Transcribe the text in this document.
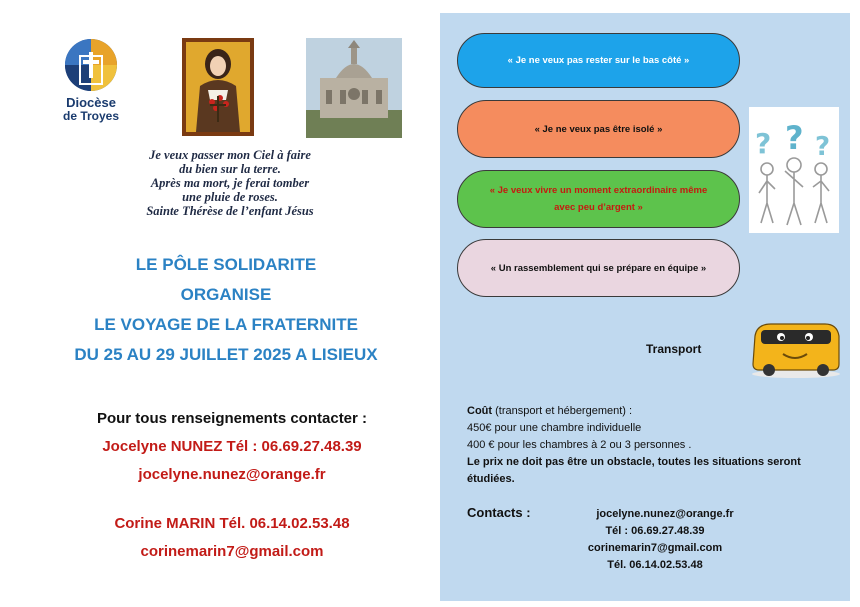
Diocèse
de Troyes
Je veux passer mon Ciel à faire
du bien sur la terre.
Après ma mort, je ferai tomber
une pluie de roses.
Sainte Thérèse de l’enfant Jésus
LE PÔLE SOLIDARITE
ORGANISE
LE VOYAGE DE LA FRATERNITE
DU 25 AU 29 JUILLET 2025 A LISIEUX
Pour tous renseignements contacter :
Jocelyne NUNEZ Tél : 06.69.27.48.39
jocelyne.nunez@orange.fr
Corine MARIN Tél. 06.14.02.53.48
corinemarin7@gmail.com
« Je ne veux pas rester sur le bas côté »
« Je ne veux pas être isolé »
« Je veux vivre un moment extraordinaire même avec peu d’argent »
« Un rassemblement qui se prépare en équipe »
? ? ?
Transport
Coût (transport et hébergement) :
450€ pour une chambre individuelle
400 € pour les chambres à 2 ou 3 personnes .
Le prix ne doit pas être un obstacle, toutes les situations seront étudiées.
Contacts :	jocelyne.nunez@orange.fr
Tél : 06.69.27.48.39
corinemarin7@gmail.com
Tél. 06.14.02.53.48
